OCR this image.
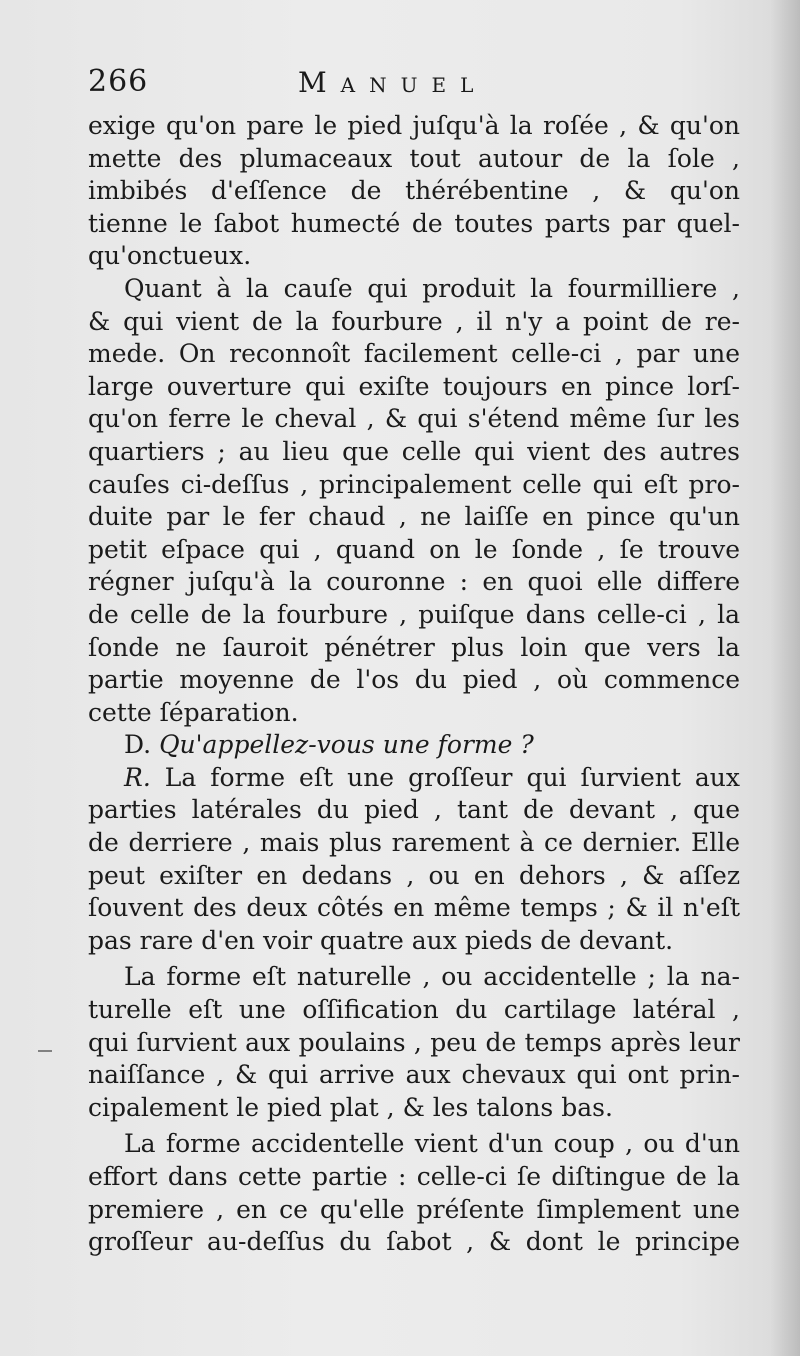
266	Manuel
exige qu'on pare le pied juſqu'à la roſée , & qu'on
mette des plumaceaux tout autour de la ſole ,
imbibés d'eſſence de thérébentine , & qu'on
tienne le ſabot humecté de toutes parts par quel-
qu'onctueux.
Quant à la cauſe qui produit la fourmilliere ,
& qui vient de la fourbure , il n'y a point de re-
mede. On reconnoît facilement celle-ci , par une
large ouverture qui exiſte toujours en pince lorſ-
qu'on ferre le cheval , & qui s'étend même ſur les
quartiers ; au lieu que celle qui vient des autres
cauſes ci-deſſus , principalement celle qui eſt pro-
duite par le fer chaud , ne laiſſe en pince qu'un
petit eſpace qui , quand on le ſonde , ſe trouve
régner juſqu'à la couronne : en quoi elle differe
de celle de la fourbure , puiſque dans celle-ci , la
ſonde ne ſauroit pénétrer plus loin que vers la
partie moyenne de l'os du pied , où commence
cette ſéparation.
D. Qu'appellez-vous une forme ?
R. La forme eſt une groſſeur qui ſurvient aux
parties latérales du pied , tant de devant , que
de derriere , mais plus rarement à ce dernier. Elle
peut exiſter en dedans , ou en dehors , & aſſez
ſouvent des deux côtés en même temps ; & il n'eſt
pas rare d'en voir quatre aux pieds de devant.
La forme eſt naturelle , ou accidentelle ; la na-
turelle eſt une oſſification du cartilage latéral ,
qui ſurvient aux poulains , peu de temps après leur
naiſſance , & qui arrive aux chevaux qui ont prin-
cipalement le pied plat , & les talons bas.
La forme accidentelle vient d'un coup , ou d'un
effort dans cette partie : celle-ci ſe diſtingue de la
premiere , en ce qu'elle préſente ſimplement une
groſſeur au-deſſus du ſabot , & dont le principe
